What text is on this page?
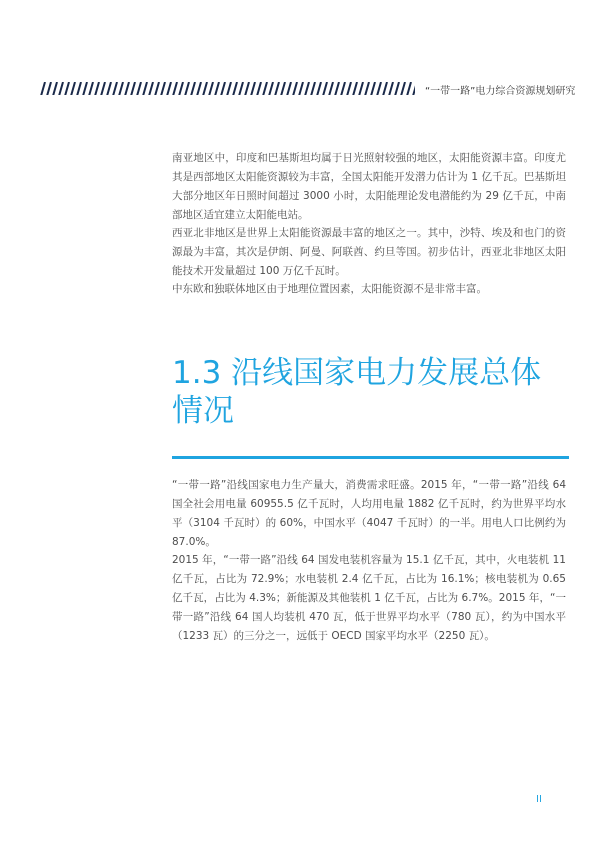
“一带一路”电力综合资源规划研究

南亚地区中，印度和巴基斯坦均属于日光照射较强的地区，太阳能资源丰富。印度尤其是西部地区太阳能资源较为丰富，全国太阳能开发潜力估计为 1 亿千瓦。巴基斯坦大部分地区年日照时间超过 3000 小时，太阳能理论发电潜能约为 29 亿千瓦，中南部地区适宜建立太阳能电站。

西亚北非地区是世界上太阳能资源最丰富的地区之一。其中，沙特、埃及和也门的资源最为丰富，其次是伊朗、阿曼、阿联酋、约旦等国。初步估计，西亚北非地区太阳能技术开发量超过 100 万亿千瓦时。

中东欧和独联体地区由于地理位置因素，太阳能资源不是非常丰富。

1.3 沿线国家电力发展总体
情况

“一带一路”沿线国家电力生产量大，消费需求旺盛。2015 年，“一带一路”沿线 64 国全社会用电量 60955.5 亿千瓦时，人均用电量 1882 亿千瓦时，约为世界平均水平（3104 千瓦时）的 60%，中国水平（4047 千瓦时）的一半。用电人口比例约为 87.0%。

2015 年，“一带一路”沿线 64 国发电装机容量为 15.1 亿千瓦，其中，火电装机 11 亿千瓦，占比为 72.9%；水电装机 2.4 亿千瓦，占比为 16.1%；核电装机为 0.65 亿千瓦，占比为 4.3%；新能源及其他装机 1 亿千瓦，占比为 6.7%。2015 年，“一带一路”沿线 64 国人均装机 470 瓦，低于世界平均水平（780 瓦），约为中国水平（1233 瓦）的三分之一，远低于 OECD 国家平均水平（2250 瓦）。

II
